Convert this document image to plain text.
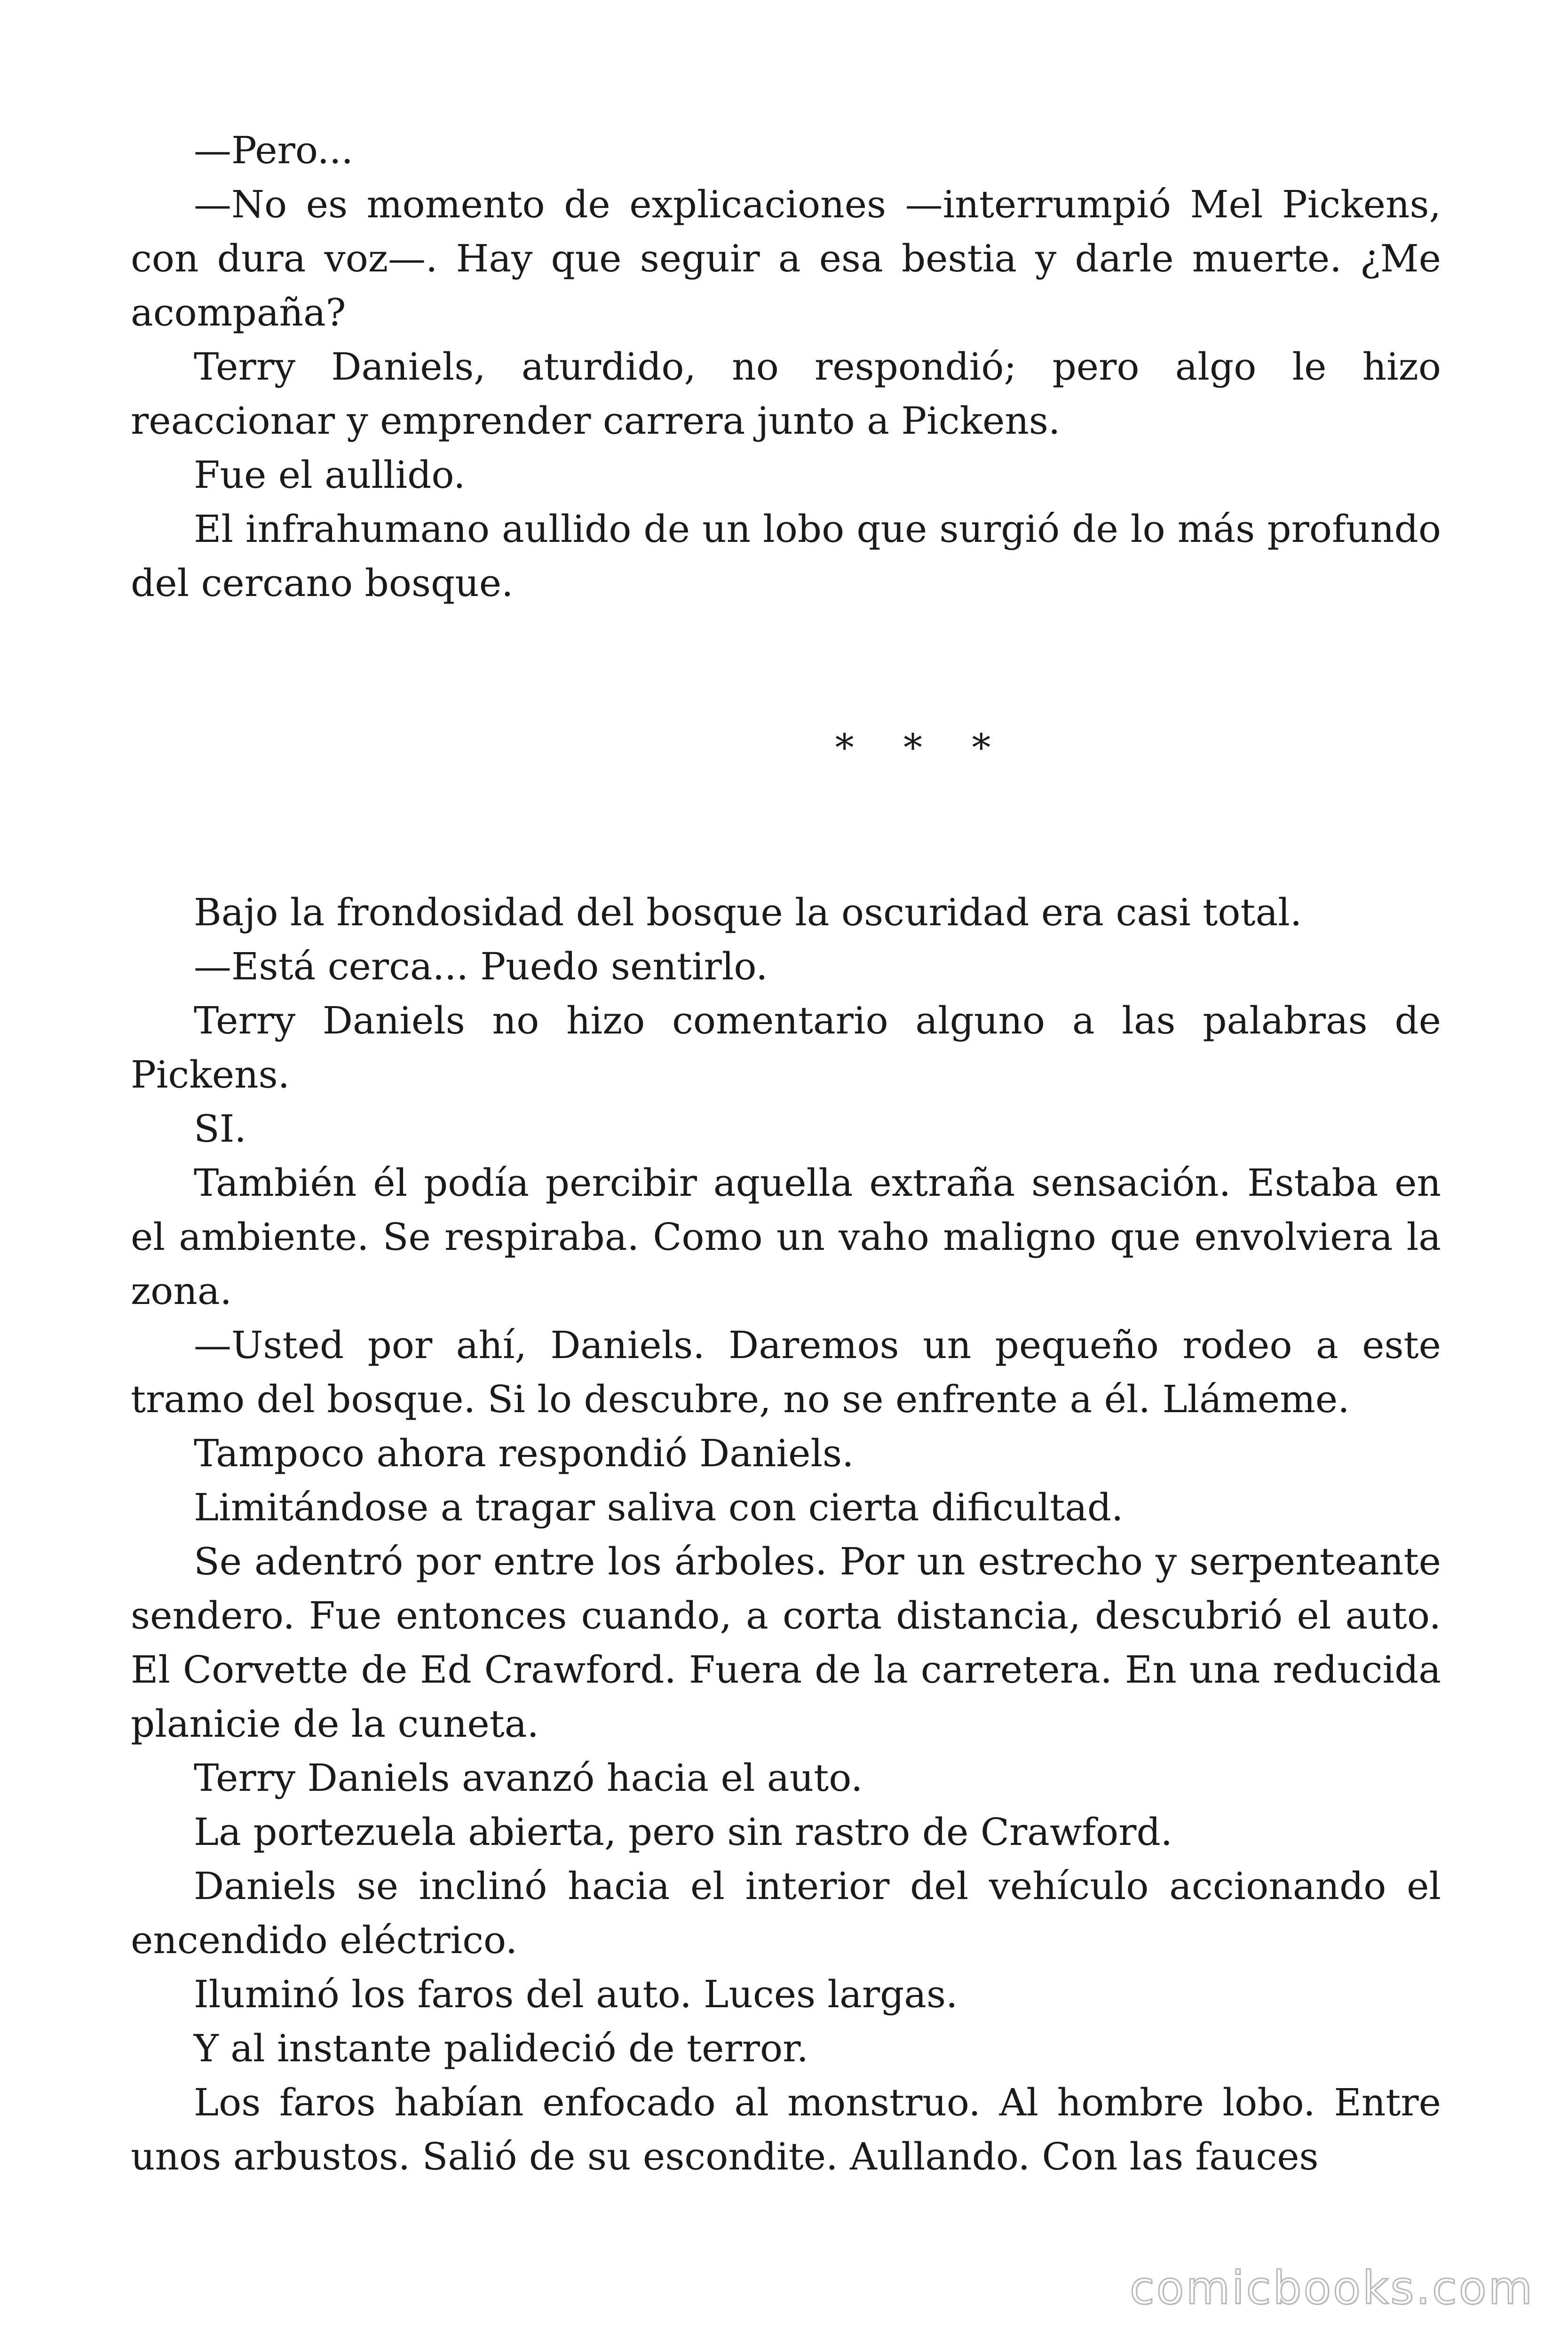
—Pero...

—No es momento de explicaciones —interrumpió Mel Pickens, con dura voz—. Hay que seguir a esa bestia y darle muerte. ¿Me acompaña?

Terry Daniels, aturdido, no respondió; pero algo le hizo reaccionar y emprender carrera junto a Pickens.

Fue el aullido.

El infrahumano aullido de un lobo que surgió de lo más profundo del cercano bosque.

* * *

Bajo la frondosidad del bosque la oscuridad era casi total.

—Está cerca... Puedo sentirlo.

Terry Daniels no hizo comentario alguno a las palabras de Pickens.

SI.

También él podía percibir aquella extraña sensación. Estaba en el ambiente. Se respiraba. Como un vaho maligno que envolviera la zona.

—Usted por ahí, Daniels. Daremos un pequeño rodeo a este tramo del bosque. Si lo descubre, no se enfrente a él. Llámeme.

Tampoco ahora respondió Daniels.

Limitándose a tragar saliva con cierta dificultad.

Se adentró por entre los árboles. Por un estrecho y serpenteante sendero. Fue entonces cuando, a corta distancia, descubrió el auto. El Corvette de Ed Crawford. Fuera de la carretera. En una reducida planicie de la cuneta.

Terry Daniels avanzó hacia el auto.

La portezuela abierta, pero sin rastro de Crawford.

Daniels se inclinó hacia el interior del vehículo accionando el encendido eléctrico.

Iluminó los faros del auto. Luces largas.

Y al instante palideció de terror.

Los faros habían enfocado al monstruo. Al hombre lobo. Entre unos arbustos. Salió de su escondite. Aullando. Con las fauces

comicbooks.com
